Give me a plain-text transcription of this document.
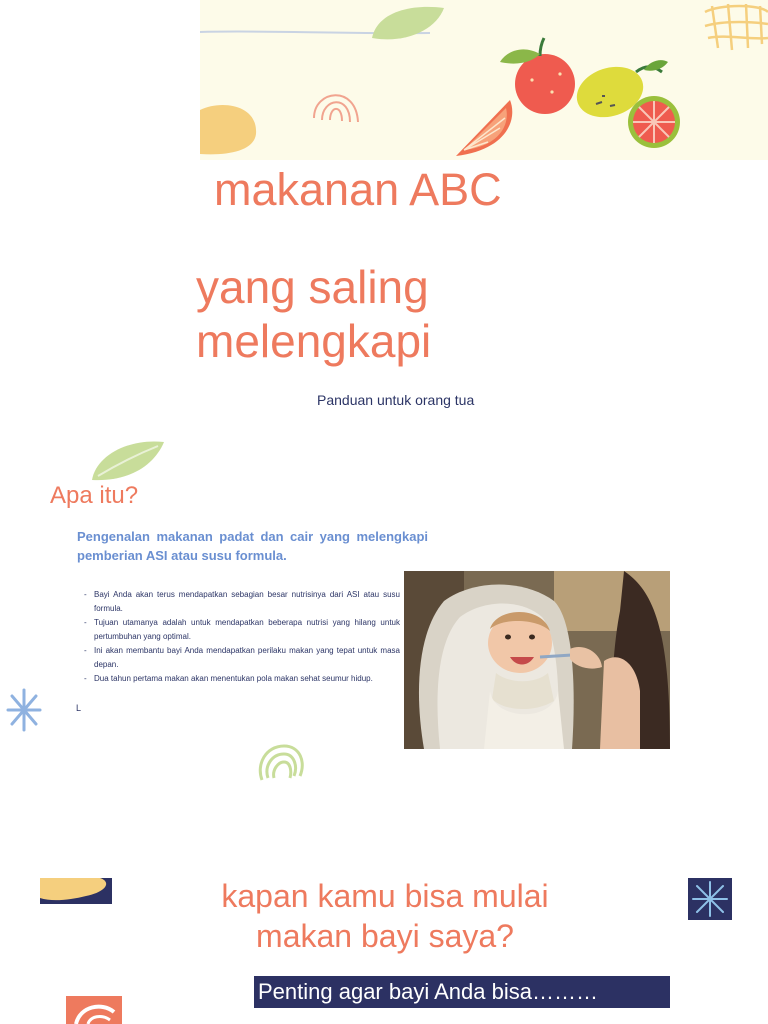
makanan ABC
yang saling melengkapi
Panduan untuk orang tua
Apa itu?

Pengenalan makanan padat dan cair yang melengkapi pemberian ASI atau susu formula.

- Bayi Anda akan terus mendapatkan sebagian besar nutrisinya dari ASI atau susu formula.
- Tujuan utamanya adalah untuk mendapatkan beberapa nutrisi yang hilang untuk pertumbuhan yang optimal.
- Ini akan membantu bayi Anda mendapatkan perilaku makan yang tepat untuk masa depan.
- Dua tahun pertama makan akan menentukan pola makan sehat seumur hidup.
L
kapan kamu bisa mulai makan bayi saya?
Penting agar bayi Anda bisa………
